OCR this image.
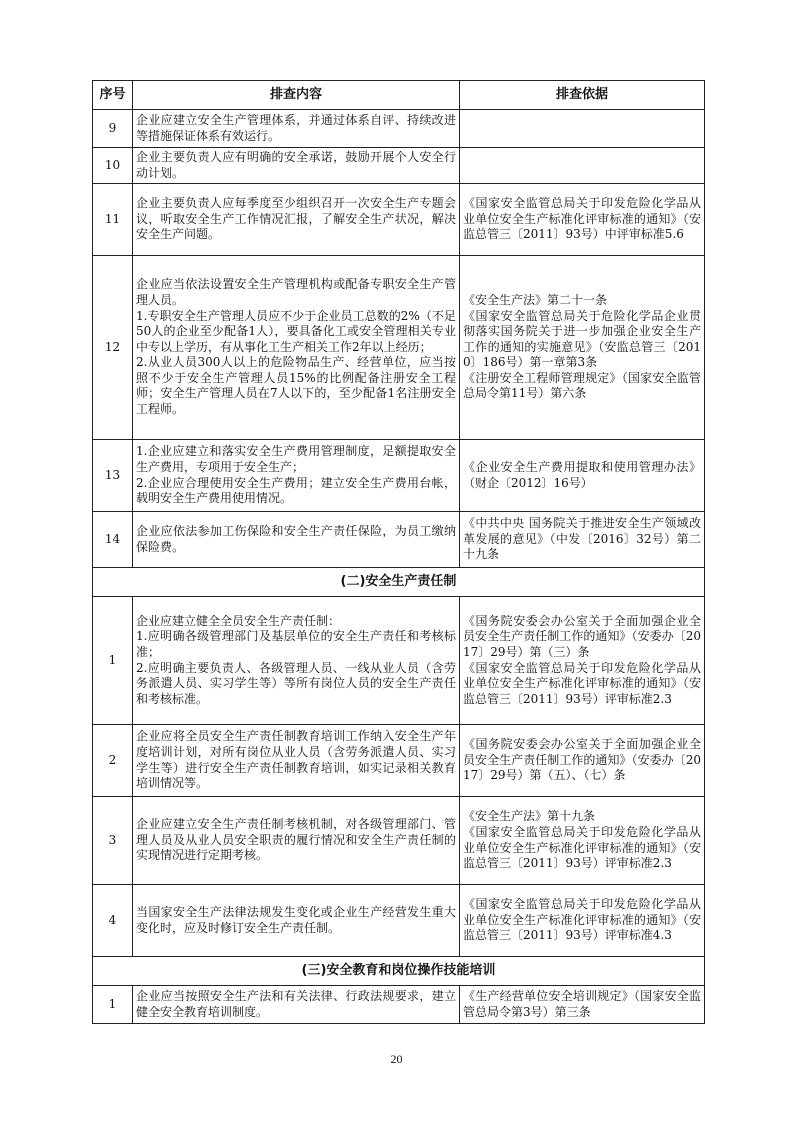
序号	排查内容	排查依据
9	企业应建立安全生产管理体系，并通过体系自评、持续改进等措施保证体系有效运行。	
10	企业主要负责人应有明确的安全承诺，鼓励开展个人安全行动计划。	
11	企业主要负责人应每季度至少组织召开一次安全生产专题会议，听取安全生产工作情况汇报，了解安全生产状况，解决安全生产问题。	《国家安全监管总局关于印发危险化学品从业单位安全生产标准化评审标准的通知》（安监总管三〔2011〕93号）中评审标准5.6
12	企业应当依法设置安全生产管理机构或配备专职安全生产管理人员。
1.专职安全生产管理人员应不少于企业员工总数的2%（不足50人的企业至少配备1人），要具备化工或安全管理相关专业中专以上学历，有从事化工生产相关工作2年以上经历；
2.从业人员300人以上的危险物品生产、经营单位，应当按照不少于安全生产管理人员15%的比例配备注册安全工程师；安全生产管理人员在7人以下的，至少配备1名注册安全工程师。	《安全生产法》第二十一条
《国家安全监管总局关于危险化学品企业贯彻落实国务院关于进一步加强企业安全生产工作的通知的实施意见》（安监总管三〔2010〕186号）第一章第3条
《注册安全工程师管理规定》（国家安全监管总局令第11号）第六条
13	1.企业应建立和落实安全生产费用管理制度，足额提取安全生产费用，专项用于安全生产；
2.企业应合理使用安全生产费用；建立安全生产费用台帐，载明安全生产费用使用情况。	《企业安全生产费用提取和使用管理办法》（财企〔2012〕16号）
14	企业应依法参加工伤保险和安全生产责任保险，为员工缴纳保险费。	《中共中央 国务院关于推进安全生产领域改革发展的意见》（中发〔2016〕32号）第二十九条
(二)安全生产责任制		
1	企业应建立健全全员安全生产责任制：
1.应明确各级管理部门及基层单位的安全生产责任和考核标准；
2.应明确主要负责人、各级管理人员、一线从业人员（含劳务派遣人员、实习学生等）等所有岗位人员的安全生产责任和考核标准。	《国务院安委会办公室关于全面加强企业全员安全生产责任制工作的通知》（安委办〔2017〕29号）第（三）条
《国家安全监管总局关于印发危险化学品从业单位安全生产标准化评审标准的通知》（安监总管三〔2011〕93号）评审标准2.3
2	企业应将全员安全生产责任制教育培训工作纳入安全生产年度培训计划，对所有岗位从业人员（含劳务派遣人员、实习学生等）进行安全生产责任制教育培训，如实记录相关教育培训情况等。	《国务院安委会办公室关于全面加强企业全员安全生产责任制工作的通知》（安委办〔2017〕29号）第（五）、（七）条
3	企业应建立安全生产责任制考核机制，对各级管理部门、管理人员及从业人员安全职责的履行情况和安全生产责任制的实现情况进行定期考核。	《安全生产法》第十九条
《国家安全监管总局关于印发危险化学品从业单位安全生产标准化评审标准的通知》（安监总管三〔2011〕93号）评审标准2.3
4	当国家安全生产法律法规发生变化或企业生产经营发生重大变化时，应及时修订安全生产责任制。	《国家安全监管总局关于印发危险化学品从业单位安全生产标准化评审标准的通知》（安监总管三〔2011〕93号）评审标准4.3
(三)安全教育和岗位操作技能培训		
1	企业应当按照安全生产法和有关法律、行政法规要求，建立健全安全教育培训制度。	《生产经营单位安全培训规定》（国家安全监管总局令第3号）第三条
20
